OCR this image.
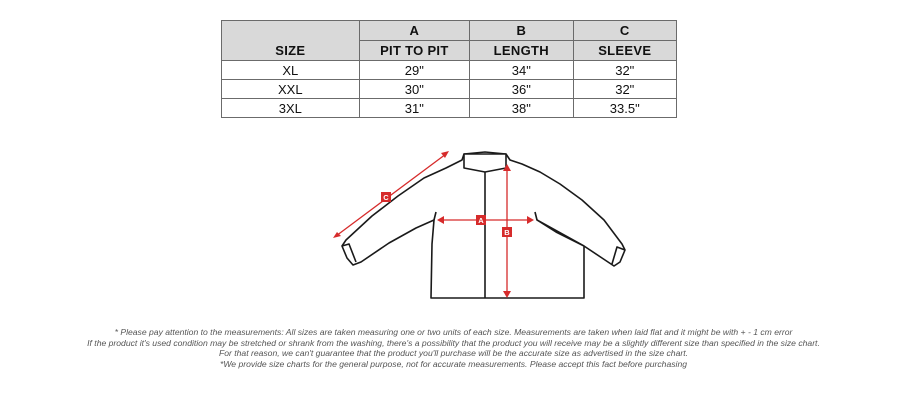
SIZE	A	B	C
	PIT TO PIT	LENGTH	SLEEVE
XL	29"	34"	32"
XXL	30"	36"	32"
3XL	31"	38"	33.5"
C
A
B
* Please pay attention to the measurements: All sizes are taken measuring one or two units of each size. Measurements are taken when laid flat and it might be with + - 1 cm error
If the product it's used condition may be stretched or shrank from the washing, there's a possibility that the product you will receive may be a slightly different size than specified in the size chart.
For that reason, we can't guarantee that the product you'll purchase will be the accurate size as advertised in the size chart.
*We provide size charts for the general purpose, not for accurate measurements. Please accept this fact before purchasing
